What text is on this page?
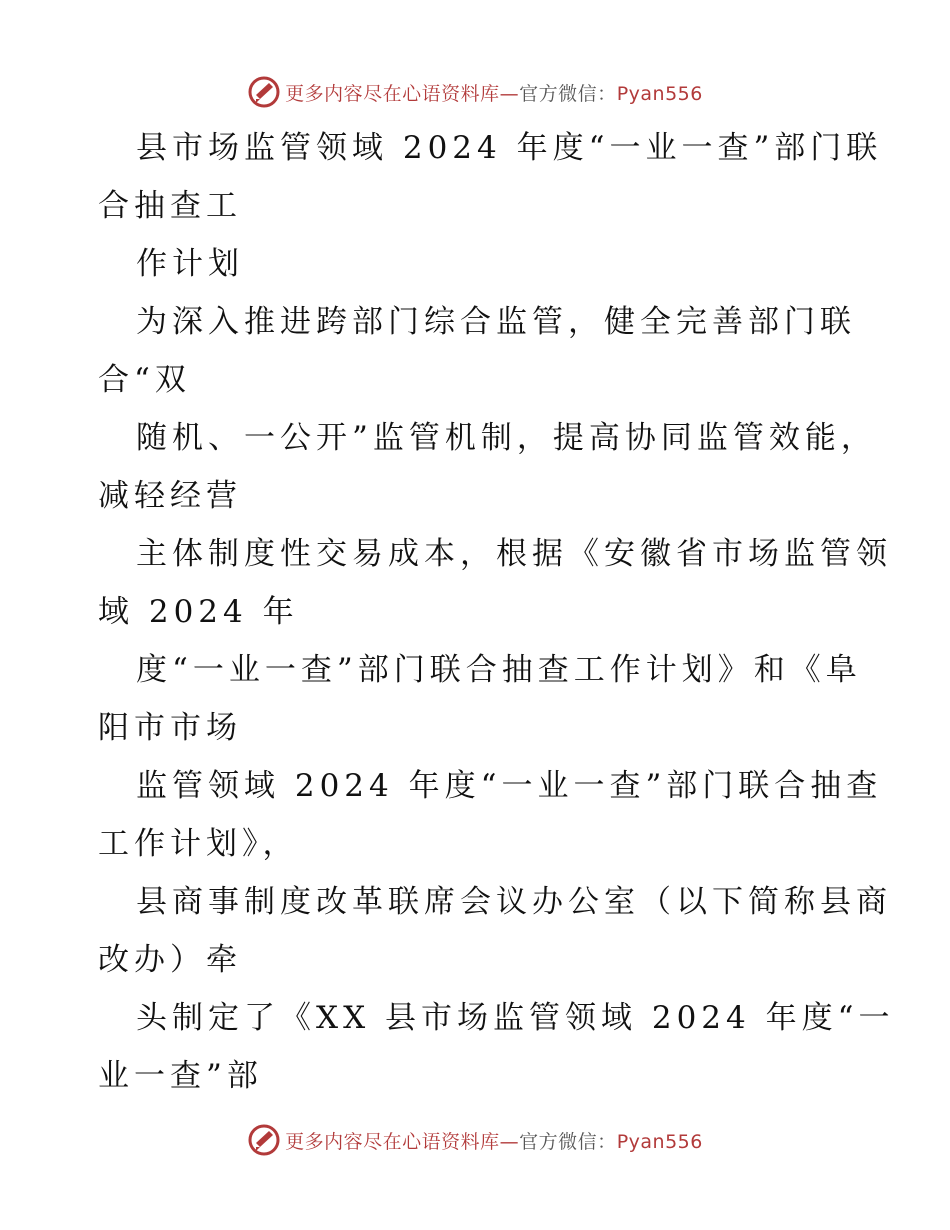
更多内容尽在心语资料库—官方微信：Pyan556
县市场监管领域 2024 年度“一业一查”部门联
合抽查工
作计划
为深入推进跨部门综合监管，健全完善部门联
合“双
随机、一公开”监管机制，提高协同监管效能，
减轻经营
主体制度性交易成本，根据《安徽省市场监管领
域 2024 年
度“一业一查”部门联合抽查工作计划》和《阜
阳市市场
监管领域 2024 年度“一业一查”部门联合抽查
工作计划》，
县商事制度改革联席会议办公室（以下简称县商
改办）牵
头制定了《XX 县市场监管领域 2024 年度“一
业一查”部
更多内容尽在心语资料库—官方微信：Pyan556
